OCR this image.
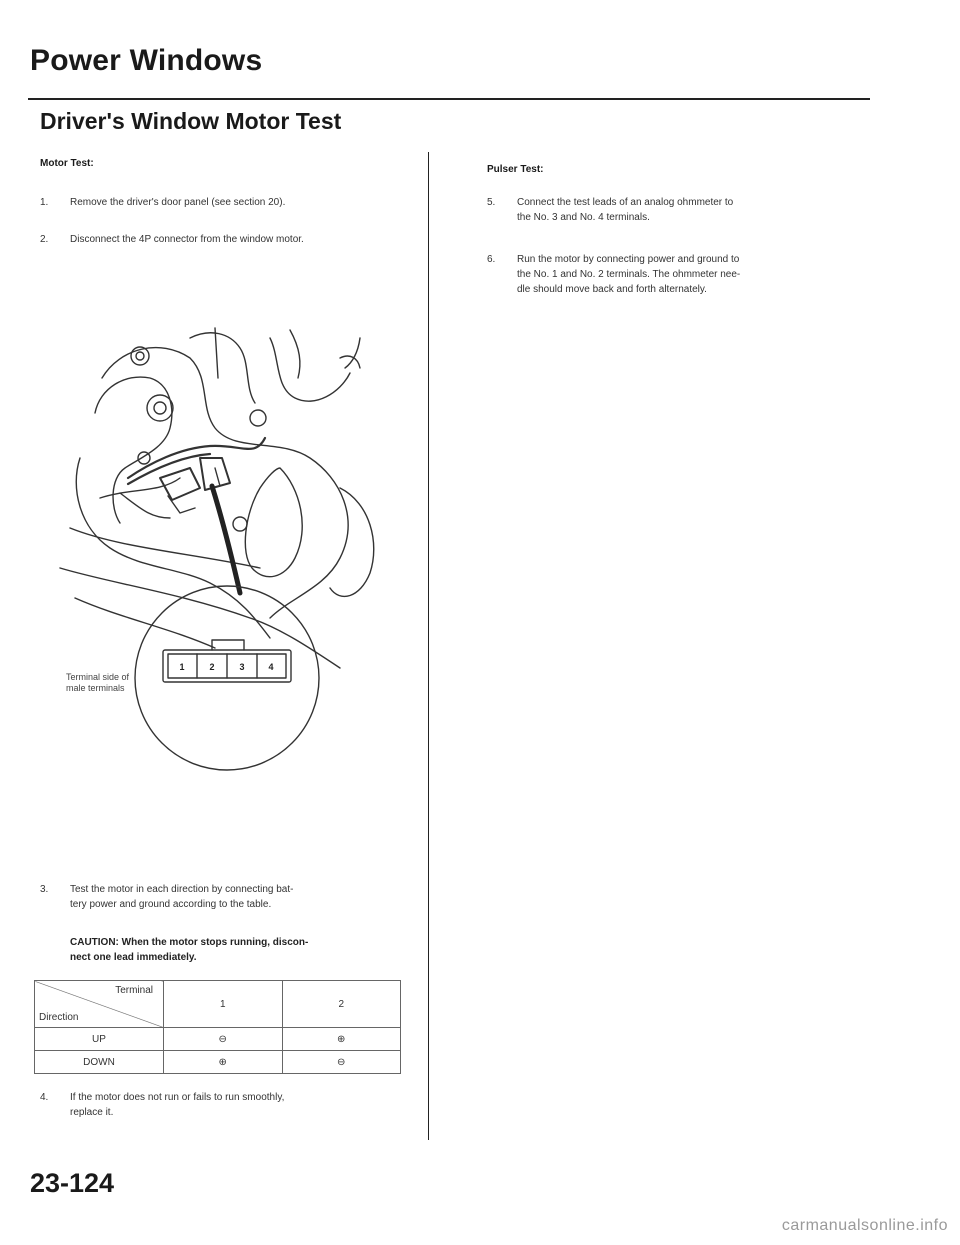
Power Windows
Driver's Window Motor Test
Motor Test:
1. Remove the driver's door panel (see section 20).
2. Disconnect the 4P connector from the window motor.
1	2	3	4
Terminal side of
male terminals
3. Test the motor in each direction by connecting bat-
tery power and ground according to the table.
CAUTION: When the motor stops running, discon-
nect one lead immediately.
Terminal
Direction	1	2
UP	⊖	⊕
DOWN	⊕	⊖
4. If the motor does not run or fails to run smoothly,
replace it.
Pulser Test:
5. Connect the test leads of an analog ohmmeter to
the No. 3 and No. 4 terminals.
6. Run the motor by connecting power and ground to
the No. 1 and No. 2 terminals. The ohmmeter nee-
dle should move back and forth alternately.
23-124
carmanualsonline.info
